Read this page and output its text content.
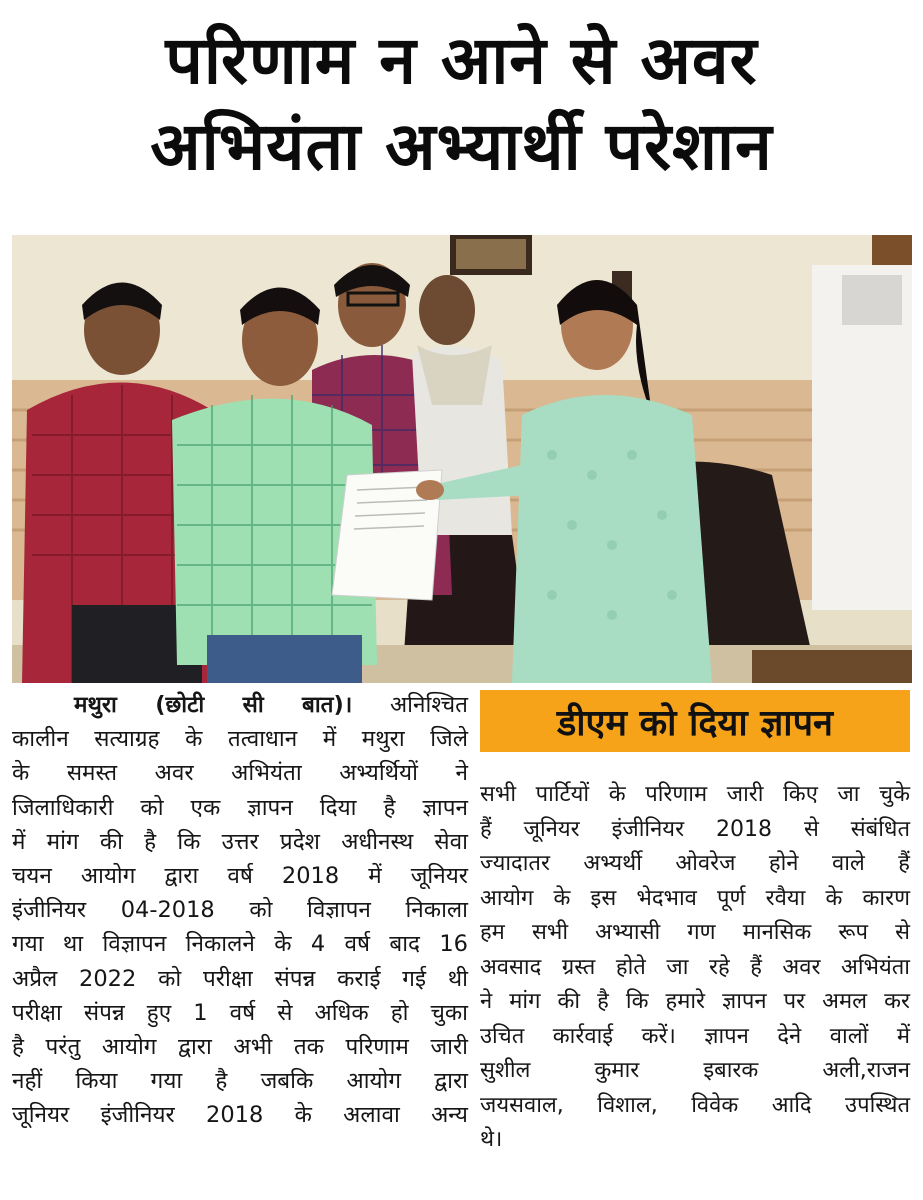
परिणाम न आने से अवर
अभियंता अभ्यार्थी परेशान
मथुरा (छोटी सी बात)। अनिश्चित
कालीन सत्याग्रह के तत्वाधान में मथुरा जिले
के समस्त अवर अभियंता अभ्यर्थियों ने
जिलाधिकारी को एक ज्ञापन दिया है ज्ञापन
में मांग की है कि उत्तर प्रदेश अधीनस्थ सेवा
चयन आयोग द्वारा वर्ष 2018 में जूनियर
इंजीनियर 04-2018 को विज्ञापन निकाला
गया था विज्ञापन निकालने के 4 वर्ष बाद 16
अप्रैल 2022 को परीक्षा संपन्न कराई गई थी
परीक्षा संपन्न हुए 1 वर्ष से अधिक हो चुका
है परंतु आयोग द्वारा अभी तक परिणाम जारी
नहीं किया गया है जबकि आयोग द्वारा
जूनियर इंजीनियर 2018 के अलावा अन्य
डीएम को दिया ज्ञापन
सभी पार्टियों के परिणाम जारी किए जा चुके
हैं जूनियर इंजीनियर 2018 से संबंधित
ज्यादातर अभ्यर्थी ओवरेज होने वाले हैं
आयोग के इस भेदभाव पूर्ण रवैया के कारण
हम सभी अभ्यासी गण मानसिक रूप से
अवसाद ग्रस्त होते जा रहे हैं अवर अभियंता
ने मांग की है कि हमारे ज्ञापन पर अमल कर
उचित कार्रवाई करें। ज्ञापन देने वालों में
सुशील कुमार इबारक अली,राजन
जयसवाल, विशाल, विवेक आदि उपस्थित
थे।
